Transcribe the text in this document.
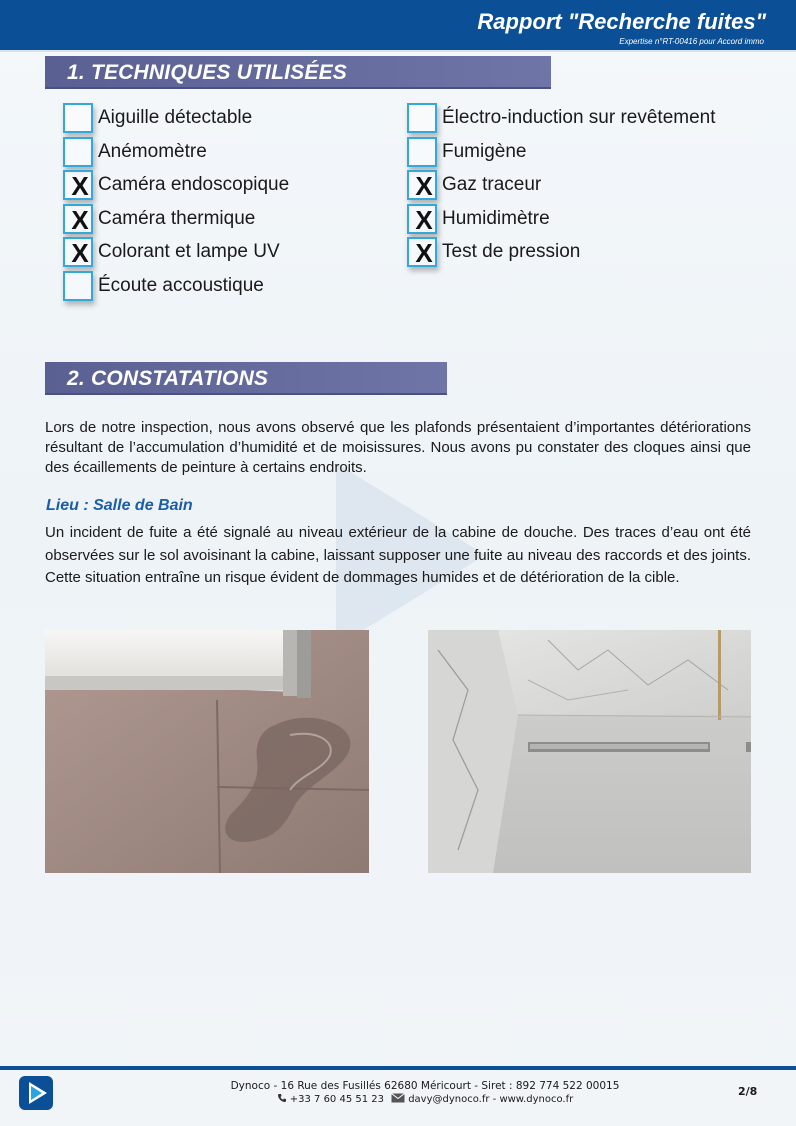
Rapport "Recherche fuites"
Expertise n°RT-00416 pour Accord immo
1. TECHNIQUES UTILISÉES
Aiguille détectable
Anémomètre
X Caméra endoscopique
X Caméra thermique
X Colorant et lampe UV
Écoute accoustique
Électro-induction sur revêtement
Fumigène
X Gaz traceur
X Humidimètre
X Test de pression
2. CONSTATATIONS

Lors de notre inspection, nous avons observé que les plafonds présentaient d’importantes détériorations résultant de l’accumulation d’humidité et de moisissures. Nous avons pu constater des cloques ainsi que des écaillements de peinture à certains endroits.

Lieu : Salle de Bain

Un incident de fuite a été signalé au niveau extérieur de la cabine de douche. Des traces d’eau ont été observées sur le sol avoisinant la cabine, laissant supposer une fuite au niveau des raccords et des joints. Cette situation entraîne un risque évident de dommages humides et de détérioration de la cible.

Dynoco - 16 Rue des Fusillés 62680 Méricourt - Siret : 892 774 522 00015
+33 7 60 45 51 23 davy@dynoco.fr - www.dynoco.fr
2/8
